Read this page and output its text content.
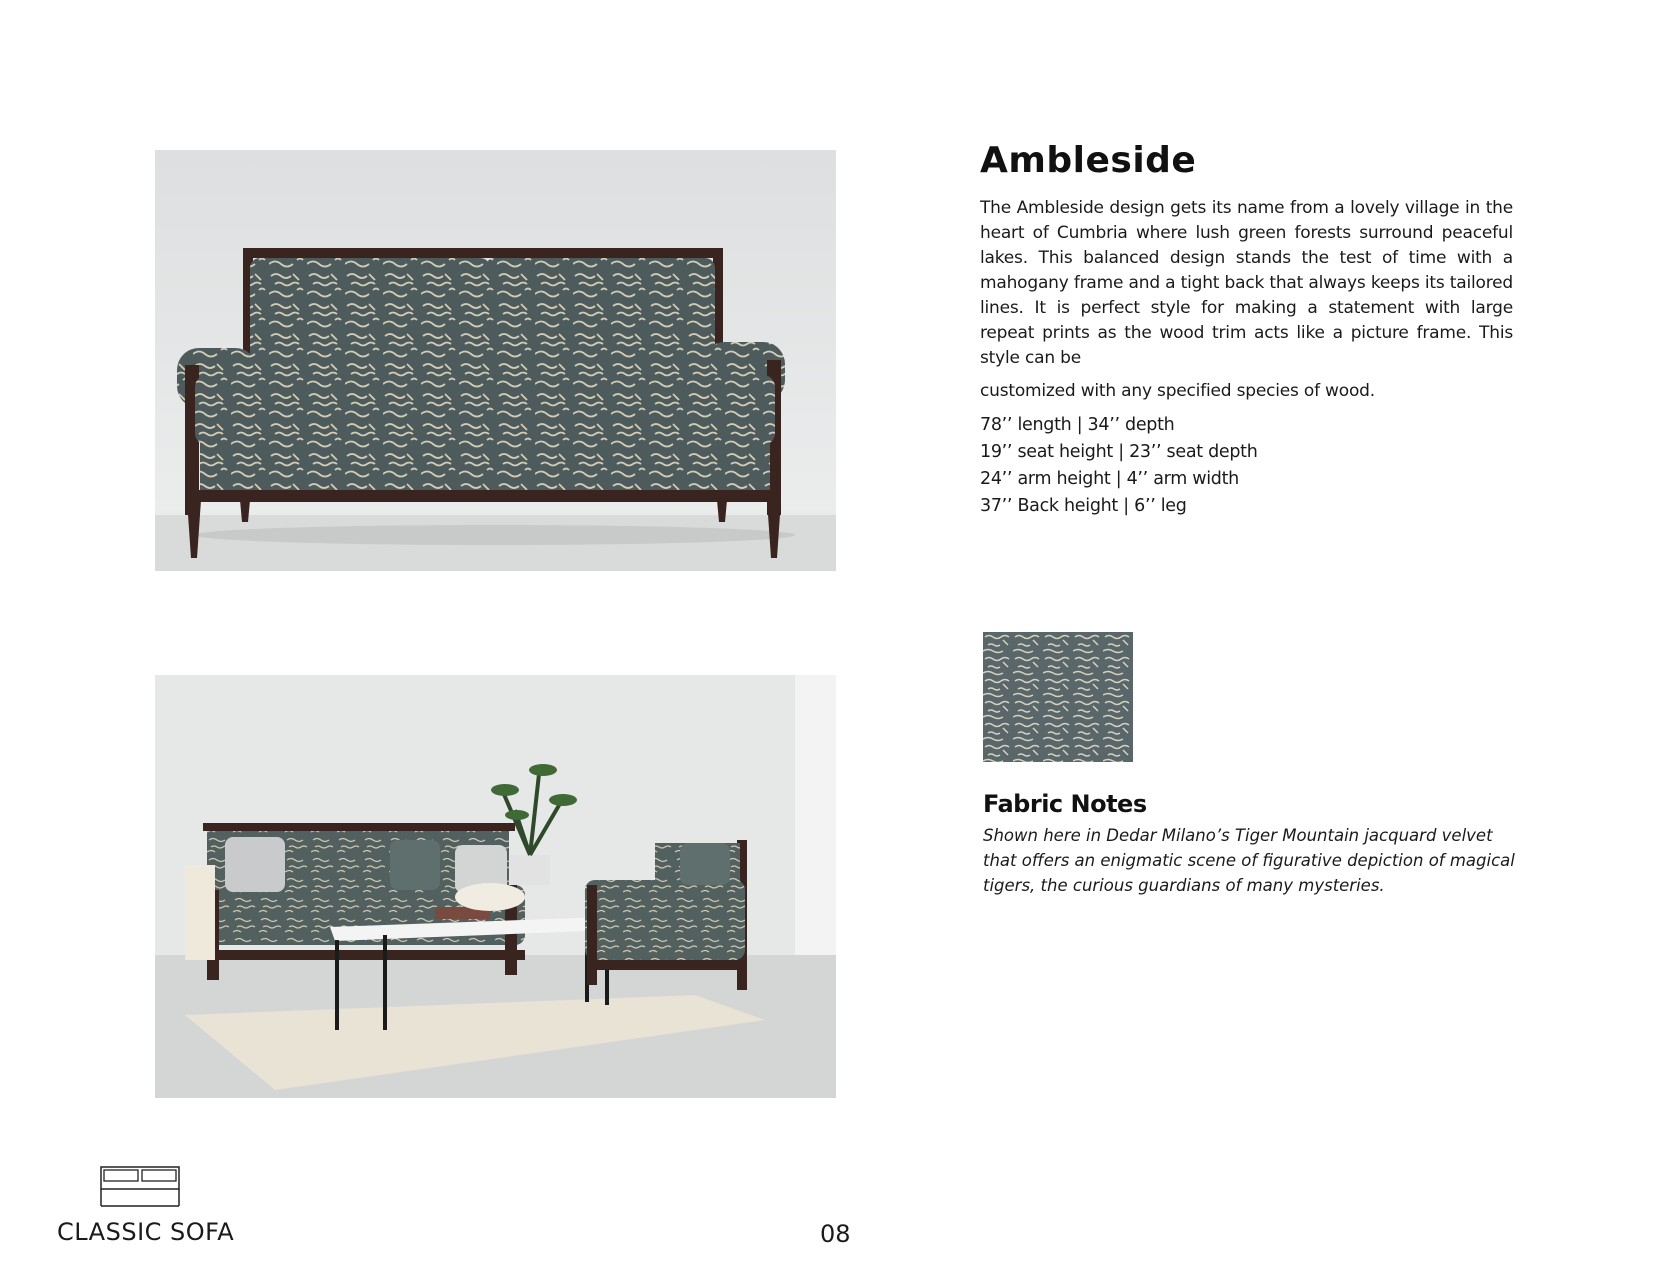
Ambleside

The Ambleside design gets its name from a lovely village in the heart of Cumbria where lush green forests surround peaceful lakes. This balanced design stands the test of time with a mahogany frame and a tight back that always keeps its tailored lines. It is perfect style for making a statement with large repeat prints as the wood trim acts like a picture frame. This style can be
customized with any specified species of wood.

78’’ length | 34’’ depth
19’’ seat height | 23’’ seat depth
24’’ arm height | 4’’ arm width
37’’ Back height | 6’’ leg
Fabric Notes

Shown here in Dedar Milano’s Tiger Mountain jacquard velvet that offers an enigmatic scene of figurative depiction of magical tigers, the curious guardians of many mysteries.

CLASSIC SOFA	08
